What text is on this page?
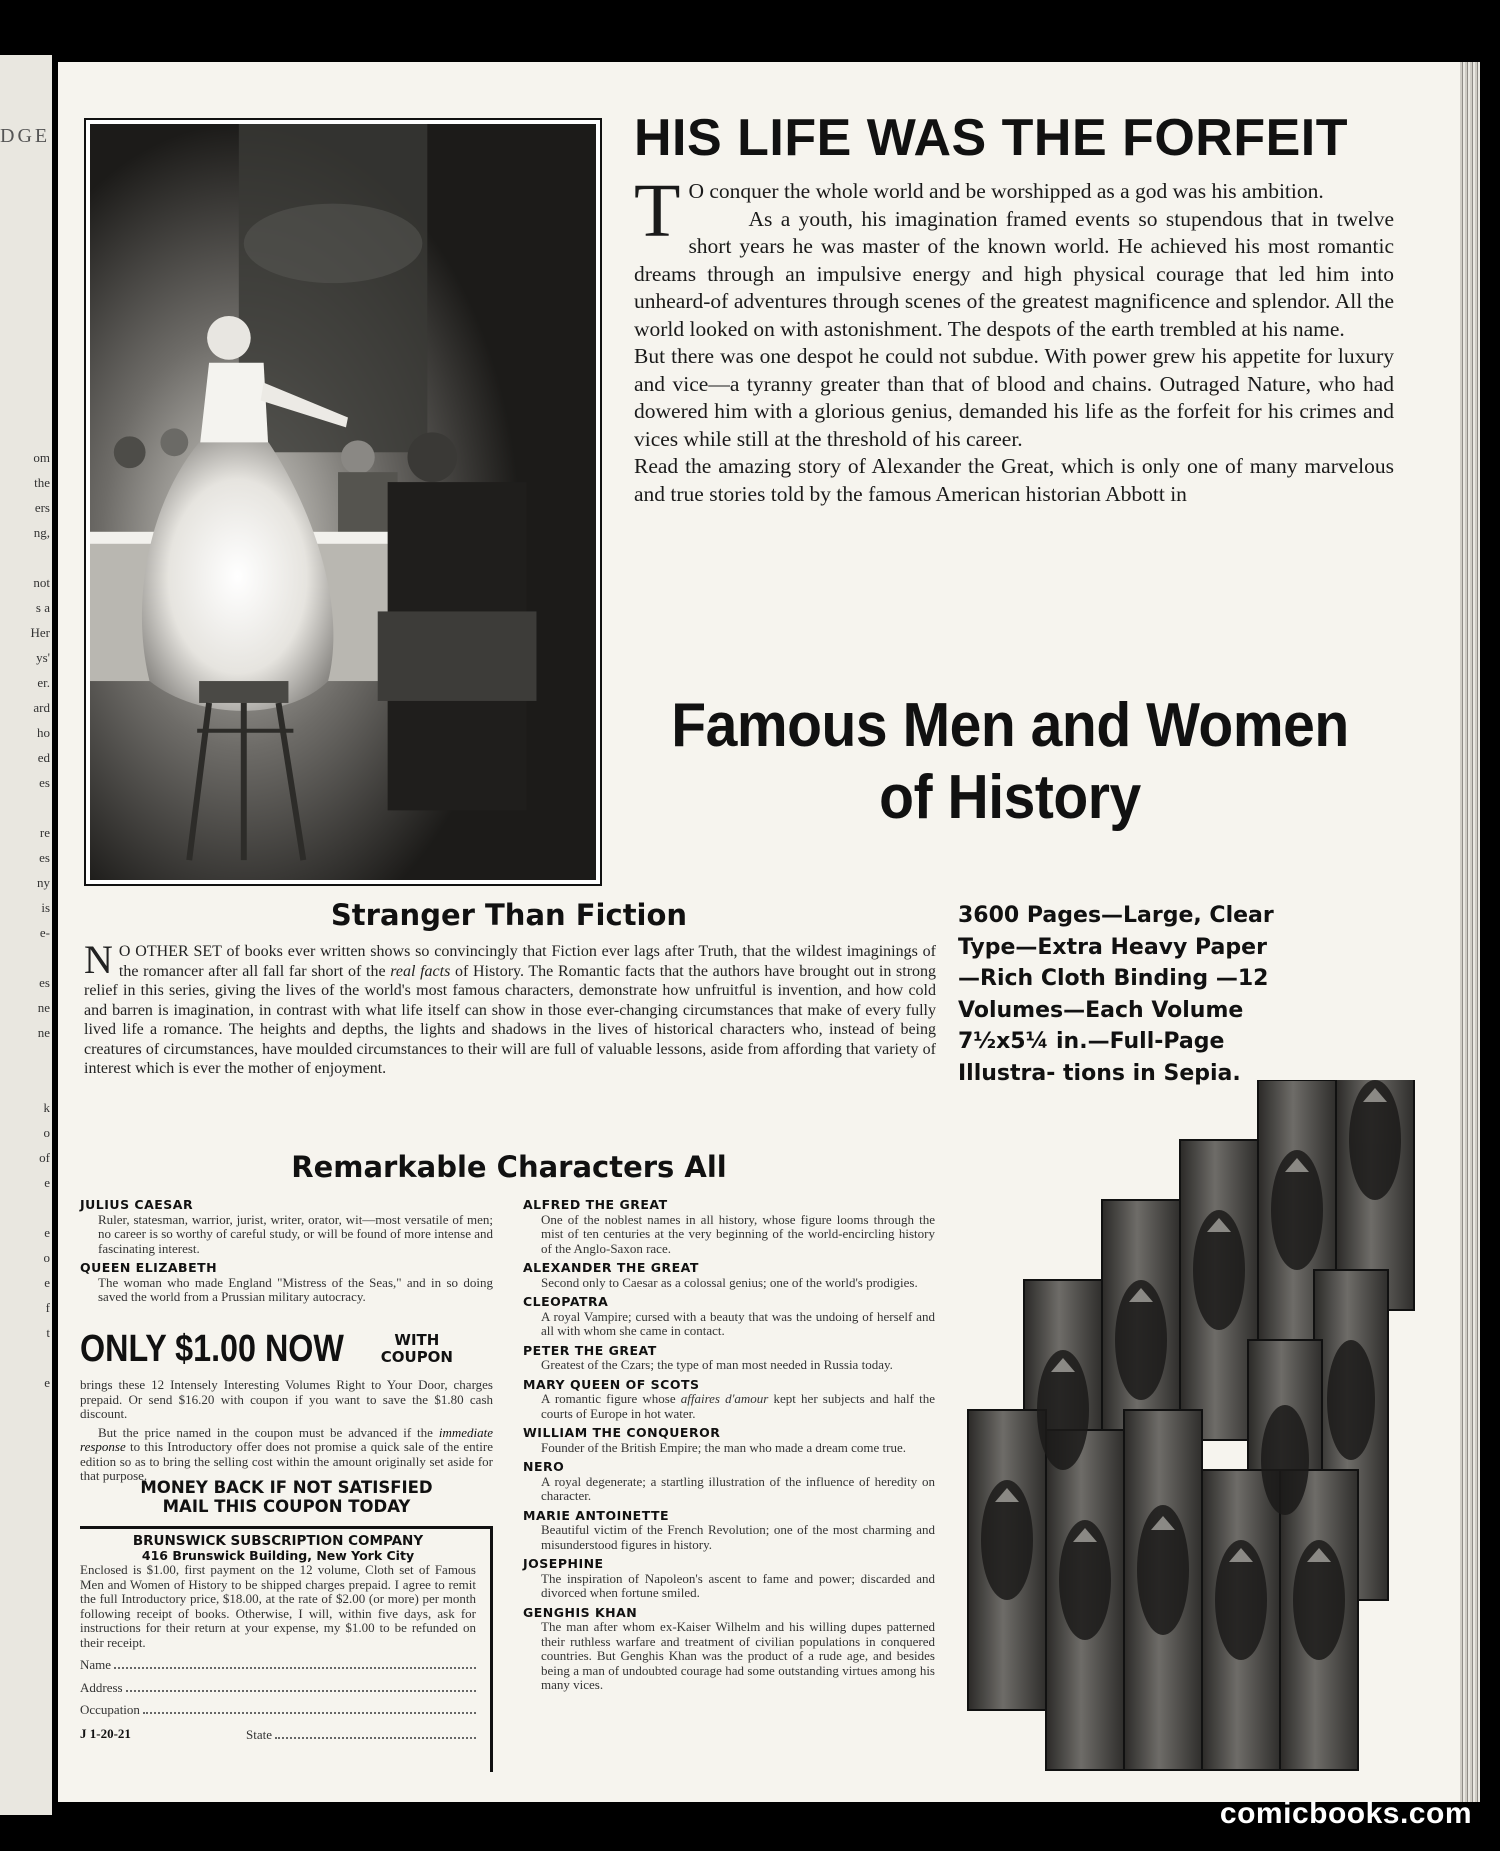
DGE
om
the
ers
ng,
not
s a
Her
ys'
er.
ard
ho
ed
es
re
es
ny
is
e-
es
ne
ne
k
o
of
e
e
o
e
f
t
e
HIS LIFE WAS THE FORFEIT

T O conquer the whole world and be worshipped as a god was his ambition.

As a youth, his imagination framed events so stupendous that in twelve short years he was master of the known world. He achieved his most romantic dreams through an impulsive energy and high physical courage that led him into unheard-of adventures through scenes of the greatest magnificence and splendor. All the world looked on with astonishment. The despots of the earth trembled at his name.

But there was one despot he could not subdue. With power grew his appetite for luxury and vice—a tyranny greater than that of blood and chains. Outraged Nature, who had dowered him with a glorious genius, demanded his life as the forfeit for his crimes and vices while still at the threshold of his career.

Read the amazing story of Alexander the Great, which is only one of many marvelous and true stories told by the famous American historian Abbott in

Famous Men and Women
of History
Stranger Than Fiction
N O OTHER SET of books ever written shows so convincingly that Fiction ever lags after Truth, that the wildest imaginings of the romancer after all fall far short of the real facts of History. The Romantic facts that the authors have brought out in strong relief in this series, giving the lives of the world's most famous characters, demonstrate how unfruitful is invention, and how cold and barren is imagination, in contrast with what life itself can show in those ever-changing circumstances that make of every fully lived life a romance. The heights and depths, the lights and shadows in the lives of historical characters who, instead of being creatures of circumstances, have moulded circumstances to their will are full of valuable lessons, aside from affording that variety of interest which is ever the mother of enjoyment.
3600 Pages—Large, Clear Type—Extra Heavy Paper —Rich Cloth Binding —12 Volumes—Each Volume 7½x5¼ in.—Full-Page Illustra- tions in Sepia.
Remarkable Characters All
JULIUS CAESAR
Ruler, statesman, warrior, jurist, writer, orator, wit—most versatile of men; no career is so worthy of careful study, or will be found of more intense and fascinating interest.
QUEEN ELIZABETH
The woman who made England "Mistress of the Seas," and in so doing saved the world from a Prussian military autocracy.
ONLY $1.00 NOW	WITH
COUPON

brings these 12 Intensely Interesting Volumes Right to Your Door, charges prepaid. Or send $16.20 with coupon if you want to save the $1.80 cash discount.

But the price named in the coupon must be advanced if the immediate response to this Introductory offer does not promise a quick sale of the entire edition so as to bring the selling cost within the amount originally set aside for that purpose.

MONEY BACK IF NOT SATISFIED
MAIL THIS COUPON TODAY
BRUNSWICK SUBSCRIPTION COMPANY
416 Brunswick Building, New York City
Enclosed is $1.00, first payment on the 12 volume, Cloth set of Famous Men and Women of History to be shipped charges prepaid. I agree to remit the full Introductory price, $18.00, at the rate of $2.00 (or more) per month following receipt of books. Otherwise, I will, within five days, ask for instructions for their return at your expense, my $1.00 to be refunded on their receipt.
Name
Address
Occupation
J 1-20-21	State
ALFRED THE GREAT
One of the noblest names in all history, whose figure looms through the mist of ten centuries at the very beginning of the world-encircling history of the Anglo-Saxon race.
ALEXANDER THE GREAT
Second only to Caesar as a colossal genius; one of the world's prodigies.
CLEOPATRA
A royal Vampire; cursed with a beauty that was the undoing of herself and all with whom she came in contact.
PETER THE GREAT
Greatest of the Czars; the type of man most needed in Russia today.
MARY QUEEN OF SCOTS
A romantic figure whose affaires d'amour kept her subjects and half the courts of Europe in hot water.
WILLIAM THE CONQUEROR
Founder of the British Empire; the man who made a dream come true.
NERO
A royal degenerate; a startling illustration of the influence of heredity on character.
MARIE ANTOINETTE
Beautiful victim of the French Revolution; one of the most charming and misunderstood figures in history.
JOSEPHINE
The inspiration of Napoleon's ascent to fame and power; discarded and divorced when fortune smiled.
GENGHIS KHAN
The man after whom ex-Kaiser Wilhelm and his willing dupes patterned their ruthless warfare and treatment of civilian populations in conquered countries. But Genghis Khan was the product of a rude age, and besides being a man of undoubted courage had some outstanding virtues among his many vices.
comicbooks.com
